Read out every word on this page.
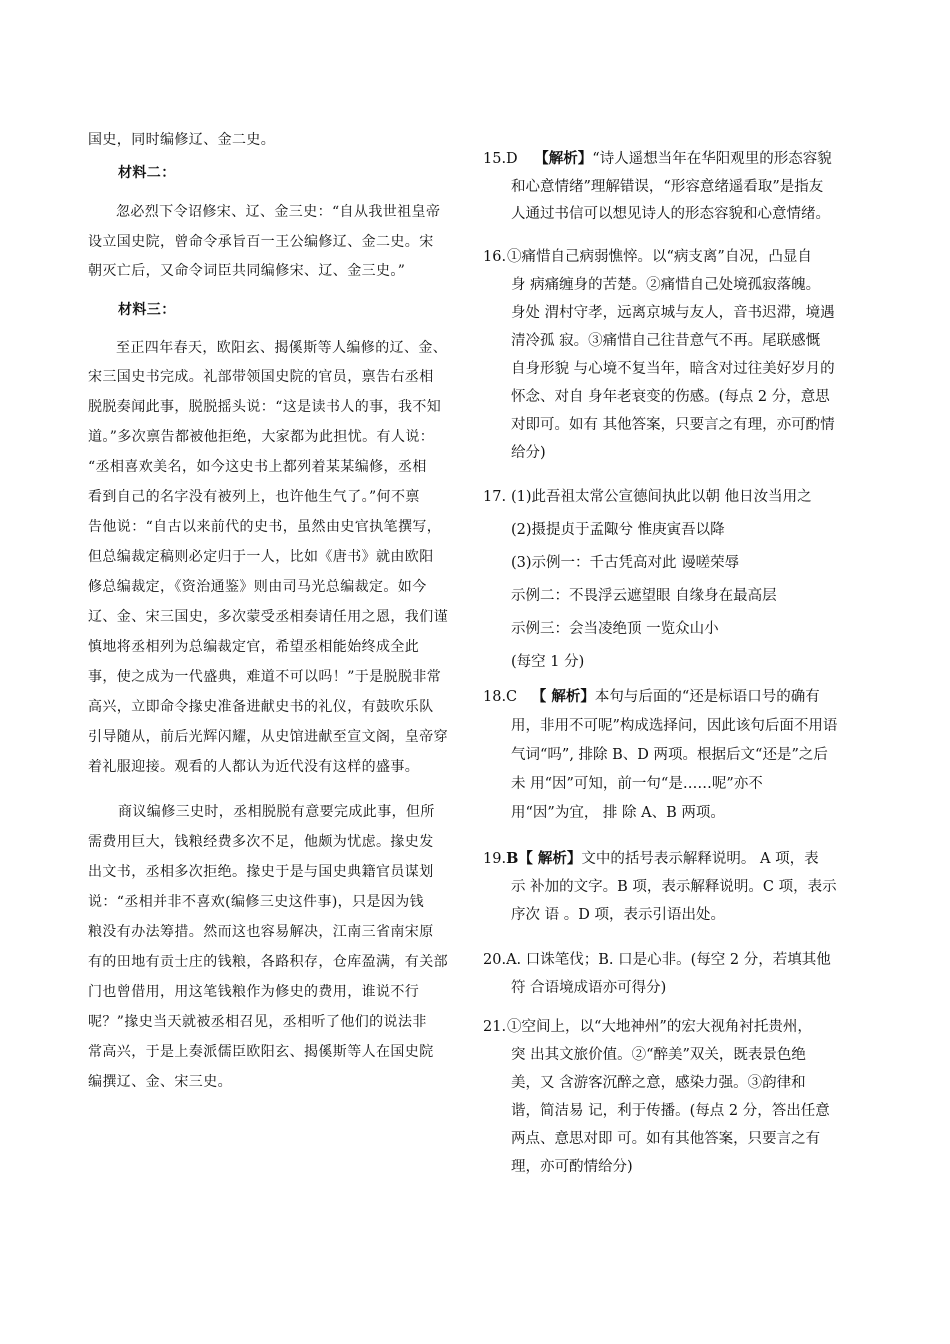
国史，同时编修辽、金二史。

材料二：

忽必烈下令诏修宋、辽、金三史：“自从我世祖皇帝

设立国史院，曾命令承旨百一王公编修辽、金二史。宋

朝灭亡后，又命令词臣共同编修宋、辽、金三史。”

材料三：

至正四年春天，欧阳玄、揭傒斯等人编修的辽、金、

宋三国史书完成。礼部带领国史院的官员，禀告右丞相

脱脱奏闻此事，脱脱摇头说：“这是读书人的事，我不知

道。”多次禀告都被他拒绝，大家都为此担忧。有人说：

“丞相喜欢美名，如今这史书上都列着某某编修，丞相

看到自己的名字没有被列上，也许他生气了。”何不禀

告他说：“自古以来前代的史书，虽然由史官执笔撰写，

但总编裁定稿则必定归于一人，比如《唐书》就由欧阳

修总编裁定，《资治通鉴》则由司马光总编裁定。如今

辽、金、宋三国史，多次蒙受丞相奏请任用之恩，我们谨

慎地将丞相列为总编裁定官，希望丞相能始终成全此

事，使之成为一代盛典，难道不可以吗！”于是脱脱非常

高兴，立即命令掾史准备进献史书的礼仪，有鼓吹乐队

引导随从，前后光辉闪耀，从史馆进献至宣文阁，皇帝穿

着礼服迎接。观看的人都认为近代没有这样的盛事。

商议编修三史时，丞相脱脱有意要完成此事，但所

需费用巨大，钱粮经费多次不足，他颇为忧虑。掾史发

出文书，丞相多次拒绝。掾史于是与国史典籍官员谋划

说：“丞相并非不喜欢(编修三史这件事)，只是因为钱

粮没有办法筹措。然而这也容易解决，江南三省南宋原

有的田地有贡士庄的钱粮，各路积存，仓库盈满，有关部

门也曾借用，用这笔钱粮作为修史的费用，谁说不行

呢？”掾史当天就被丞相召见，丞相听了他们的说法非

常高兴，于是上奏派儒臣欧阳玄、揭傒斯等人在国史院

编撰辽、金、宋三史。

15.D 【解析】“诗人遥想当年在华阳观里的形态容貌

和心意情绪”理解错误，“形容意绪遥看取”是指友

人通过书信可以想见诗人的形态容貌和心意情绪。

16.①痛惜自己病弱憔悴。以“病支离”自况，凸显自

身 病痛缠身的苦楚。②痛惜自己处境孤寂落魄。

身处 渭村守孝，远离京城与友人，音书迟滞，境遇

清冷孤 寂。③痛惜自己往昔意气不再。尾联感慨

自身形貌 与心境不复当年，暗含对过往美好岁月的

怀念、对自 身年老衰变的伤感。(每点 2 分，意思

对即可。如有 其他答案，只要言之有理，亦可酌情

给分)

17. (1)此吾祖太常公宣德间执此以朝 他日汝当用之

(2)摄提贞于孟陬兮 惟庚寅吾以降

(3)示例一：千古凭高对此 谩嗟荣辱

示例二：不畏浮云遮望眼 自缘身在最高层

示例三：会当凌绝顶 一览众山小

(每空 1 分)

18.C 【 解析】本句与后面的“还是标语口号的确有

用，非用不可呢”构成选择问，因此该句后面不用语

气词“吗”, 排除 B、D 两项。根据后文“还是”之后

未 用“因”可知，前一句“是……呢”亦不

用“因”为宜， 排 除 A、B 两项。

19.B【 解析】文中的括号表示解释说明。 A 项，表

示 补加的文字。B 项，表示解释说明。C 项，表示

序次 语 。D 项，表示引语出处。

20.A. 口诛笔伐；B. 口是心非。(每空 2 分，若填其他

符 合语境成语亦可得分)

21.①空间上，以“大地神州”的宏大视角衬托贵州，

突 出其文旅价值。②“醉美”双关，既表景色绝

美，又 含游客沉醉之意，感染力强。③韵律和

谐，简洁易 记，利于传播。(每点 2 分，答出任意

两点、意思对即 可。如有其他答案，只要言之有

理，亦可酌情给分)
